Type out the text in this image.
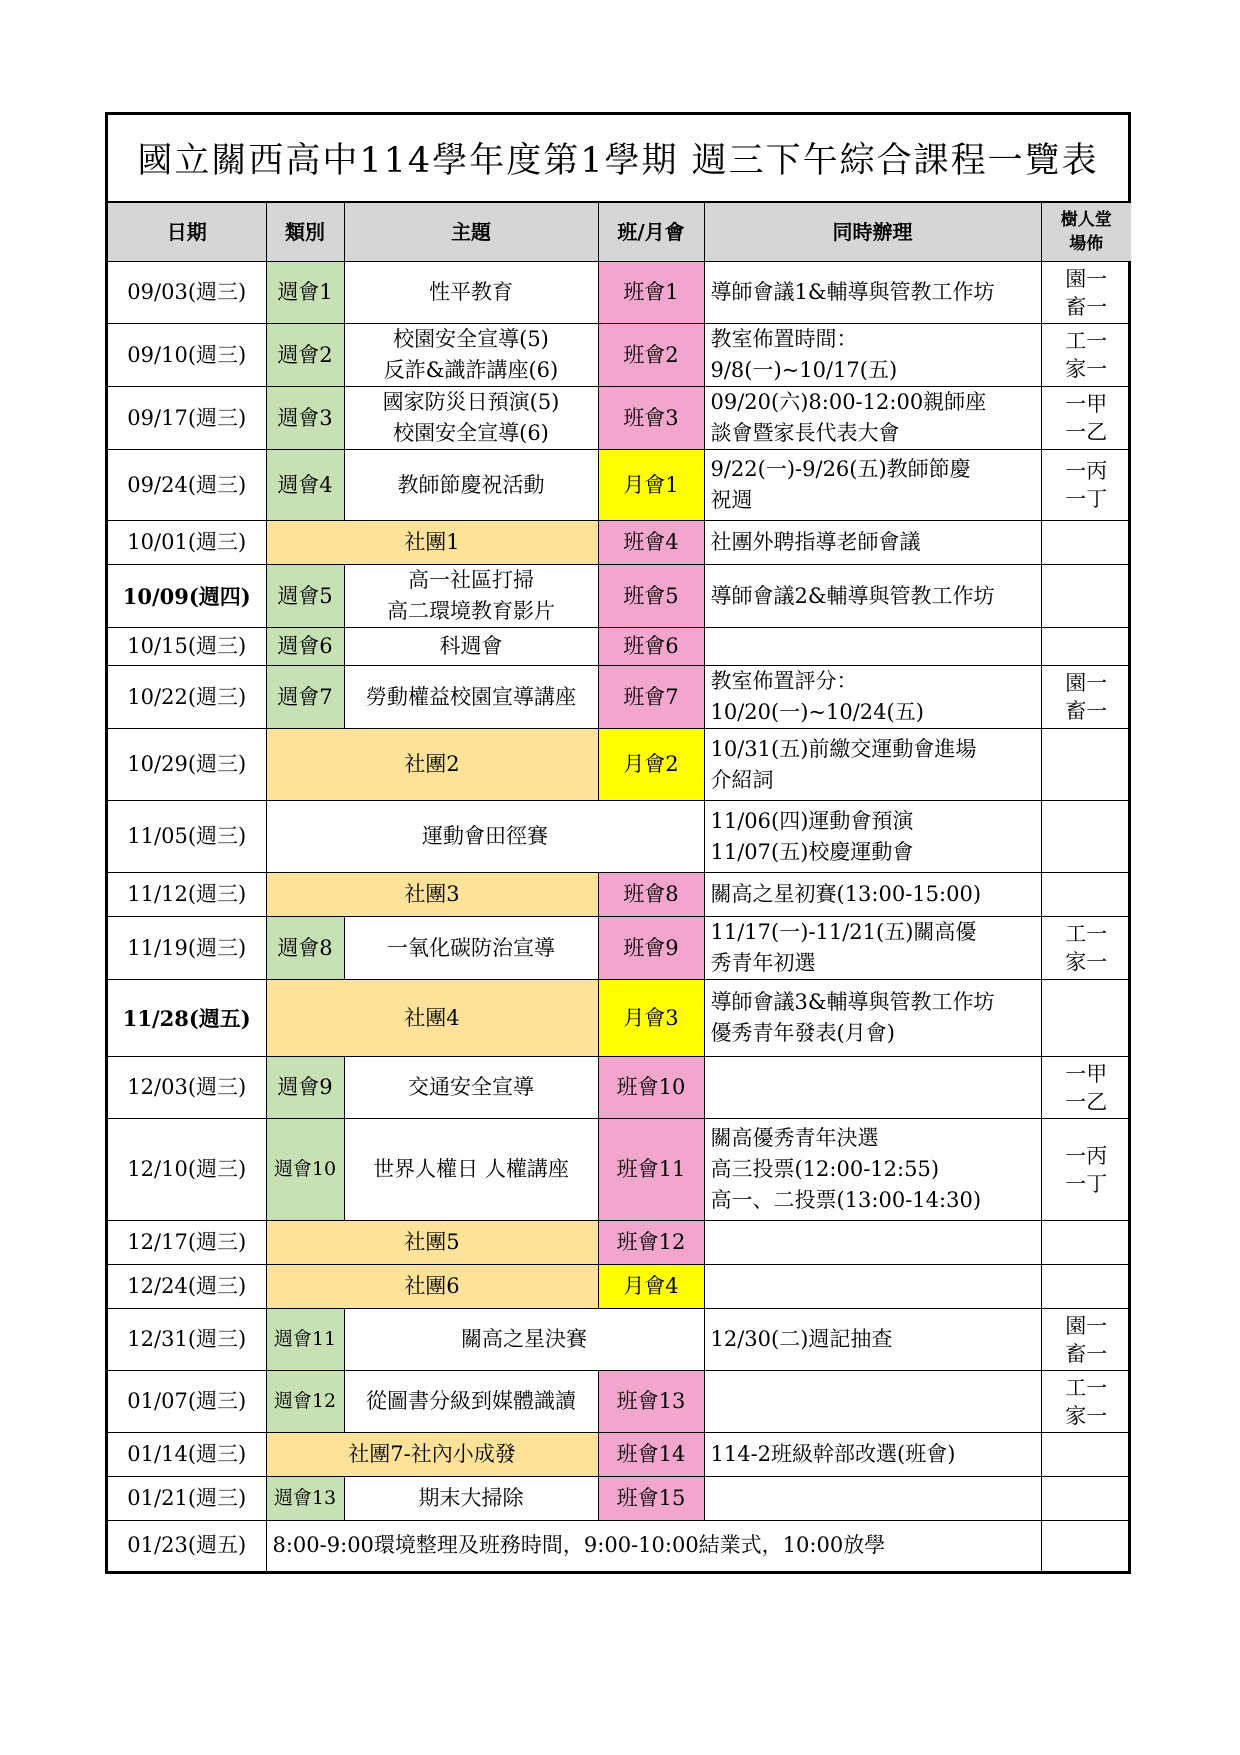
國立關西高中114學年度第1學期 週三下午綜合課程一覽表
日期	類別	主題	班/月會	同時辦理	樹人堂
場佈
09/03(週三)	週會1	性平教育	班會1	導師會議1&輔導與管教工作坊	園一
畜一
09/10(週三)	週會2	校園安全宣導(5)
反詐&識詐講座(6)	班會2	教室佈置時間：
9/8(一)~10/17(五)	工一
家一
09/17(週三)	週會3	國家防災日預演(5)
校園安全宣導(6)	班會3	09/20(六)8:00-12:00親師座
談會暨家長代表大會	一甲
一乙
09/24(週三)	週會4	教師節慶祝活動	月會1	9/22(一)-9/26(五)教師節慶
祝週	一丙
一丁
10/01(週三)	社團1		班會4	社團外聘指導老師會議	
10/09(週四)	週會5	高一社區打掃
高二環境教育影片	班會5	導師會議2&輔導與管教工作坊	
10/15(週三)	週會6	科週會	班會6		
10/22(週三)	週會7	勞動權益校園宣導講座	班會7	教室佈置評分：
10/20(一)~10/24(五)	園一
畜一
10/29(週三)	社團2		月會2	10/31(五)前繳交運動會進場
介紹詞	
11/05(週三)	運動會田徑賽			11/06(四)運動會預演
11/07(五)校慶運動會	
11/12(週三)	社團3		班會8	關高之星初賽(13:00-15:00)	
11/19(週三)	週會8	一氧化碳防治宣導	班會9	11/17(一)-11/21(五)關高優
秀青年初選	工一
家一
11/28(週五)	社團4		月會3	導師會議3&輔導與管教工作坊
優秀青年發表(月會)	
12/03(週三)	週會9	交通安全宣導	班會10		一甲
一乙
12/10(週三)	週會10	世界人權日 人權講座	班會11	關高優秀青年決選
高三投票(12:00-12:55)
高一、二投票(13:00-14:30)	一丙
一丁
12/17(週三)	社團5		班會12		
12/24(週三)	社團6		月會4		
12/31(週三)	週會11	關高之星決賽		12/30(二)週記抽查	園一
畜一
01/07(週三)	週會12	從圖書分級到媒體識讀	班會13		工一
家一
01/14(週三)	社團7-社內小成發		班會14	114-2班級幹部改選(班會)	
01/21(週三)	週會13	期末大掃除	班會15		
01/23(週五)	8:00-9:00環境整理及班務時間，9:00-10:00結業式，10:00放學				
